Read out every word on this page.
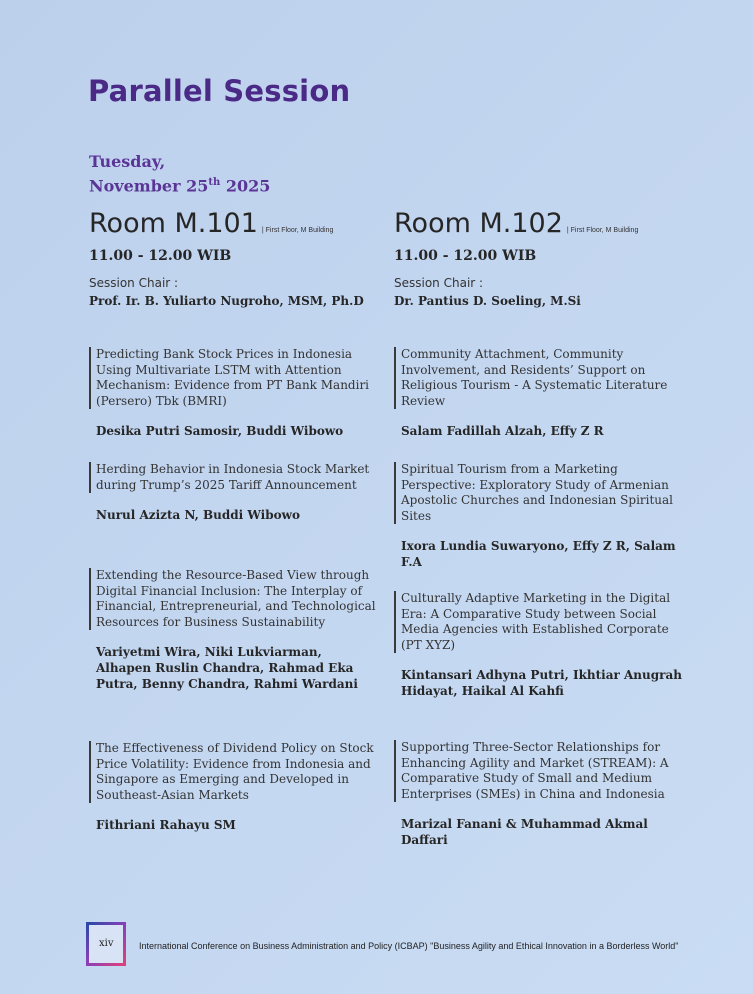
Parallel Session
Tuesday,
November 25th 2025
Room M.101 | First Floor, M Building
11.00 - 12.00 WIB
Session Chair :
Prof. Ir. B. Yuliarto Nugroho, MSM, Ph.D
Predicting Bank Stock Prices in Indonesia Using Multivariate LSTM with Attention Mechanism: Evidence from PT Bank Mandiri (Persero) Tbk (BMRI)
Desika Putri Samosir, Buddi Wibowo
Herding Behavior in Indonesia Stock Market during Trump’s 2025 Tariff Announcement
Nurul Azizta N, Buddi Wibowo
Extending the Resource-Based View through Digital Financial Inclusion: The Interplay of Financial, Entrepreneurial, and Technological Resources for Business Sustainability
Variyetmi Wira, Niki Lukviarman, Alhapen Ruslin Chandra, Rahmad Eka Putra, Benny Chandra, Rahmi Wardani
The Effectiveness of Dividend Policy on Stock Price Volatility: Evidence from Indonesia and Singapore as Emerging and Developed in Southeast-Asian Markets
Fithriani Rahayu SM
Room M.102 | First Floor, M Building
11.00 - 12.00 WIB
Session Chair :
Dr. Pantius D. Soeling, M.Si
Community Attachment, Community Involvement, and Residents’ Support on Religious Tourism - A Systematic Literature Review
Salam Fadillah Alzah, Effy Z R
Spiritual Tourism from a Marketing Perspective: Exploratory Study of Armenian Apostolic Churches and Indonesian Spiritual Sites
Ixora Lundia Suwaryono, Effy Z R, Salam F.A
Culturally Adaptive Marketing in the Digital Era: A Comparative Study between Social Media Agencies with Established Corporate (PT XYZ)
Kintansari Adhyna Putri, Ikhtiar Anugrah Hidayat, Haikal Al Kahfi
Supporting Three-Sector Relationships for Enhancing Agility and Market (STREAM): A Comparative Study of Small and Medium Enterprises (SMEs) in China and Indonesia
Marizal Fanani & Muhammad Akmal Daffari
xiv	International Conference on Business Administration and Policy (ICBAP) "Business Agility and Ethical Innovation in a Borderless World"
